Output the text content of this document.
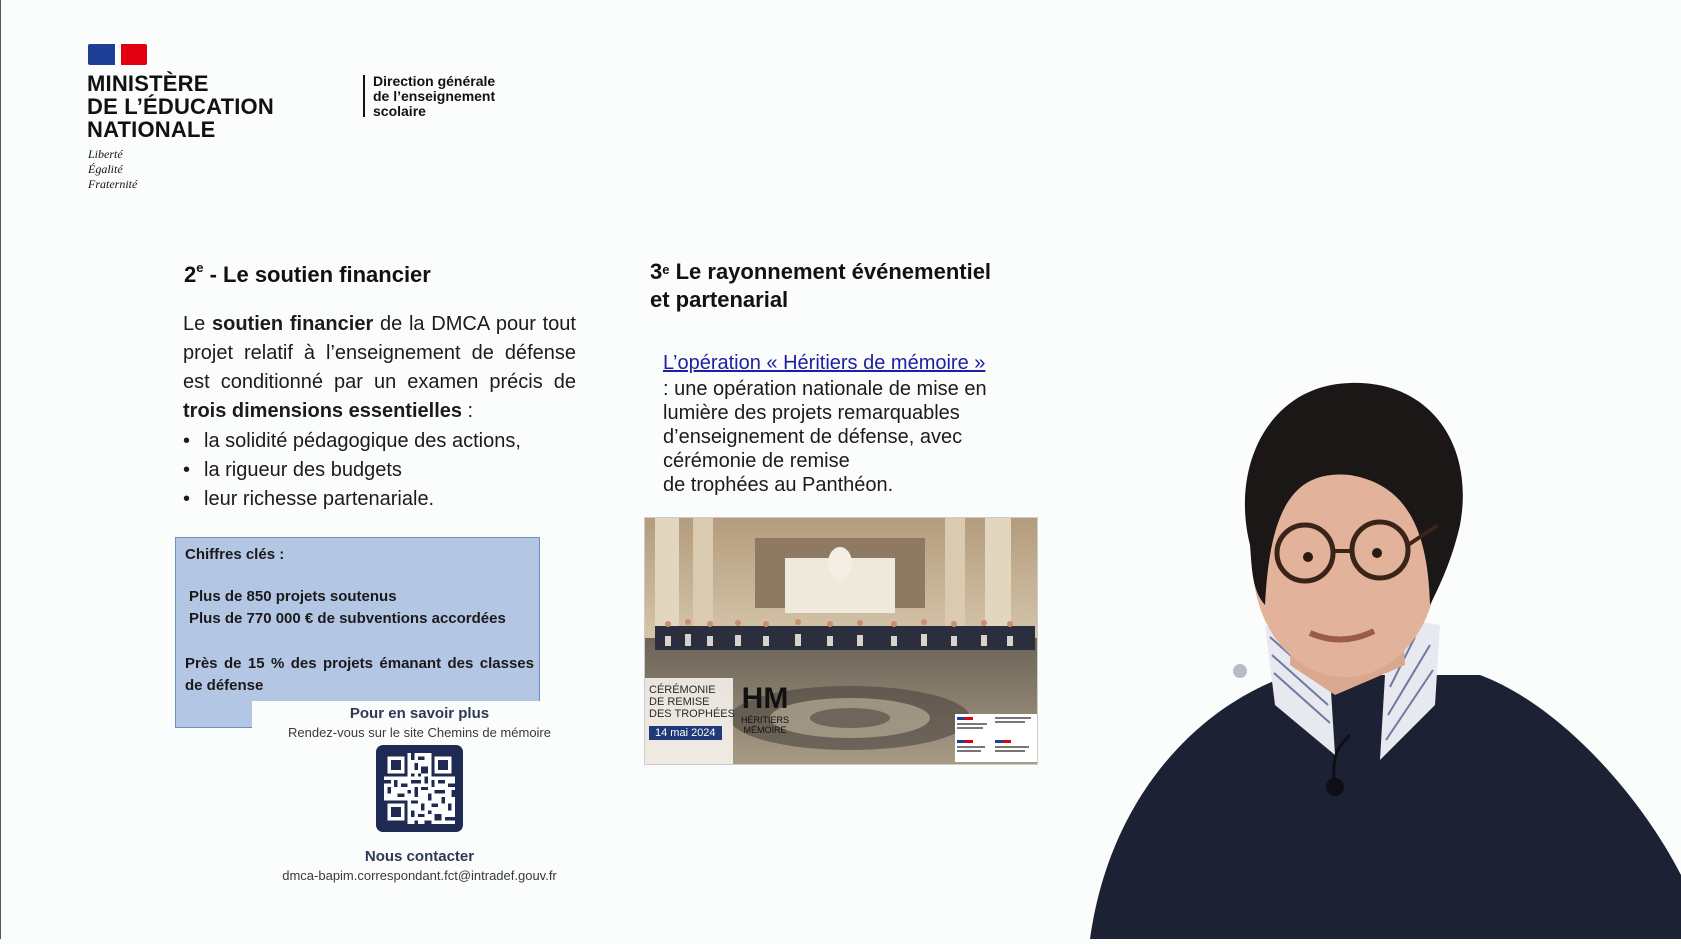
MINISTÈRE
DE L’ÉDUCATION
NATIONALE
Liberté
Égalité
Fraternité
Direction générale
de l’enseignement
scolaire
2e - Le soutien financier
Le soutien financier de la DMCA pour tout projet relatif à l’enseignement de défense est conditionné par un examen précis de trois dimensions essentielles :
• la solidité pédagogique des actions,
• la rigueur des budgets
• leur richesse partenariale.
Chiffres clés :
Plus de 850 projets soutenus
Plus de 770 000 € de subventions accordées
Près de 15 % des projets émanant des classes de défense
Pour en savoir plus
Rendez-vous sur le site Chemins de mémoire
Nous contacter
dmca-bapim.correspondant.fct@intradef.gouv.fr
3e Le rayonnement événementiel
et partenarial
L’opération « Héritiers de mémoire »
: une opération nationale de mise en
lumière des projets remarquables
d’enseignement de défense, avec
cérémonie de remise
de trophées au Panthéon.
CÉRÉMONIE
DE REMISE
DES TROPHÉES
14 mai 2024
HM
HÉRITIERS
MÉMOIRE
